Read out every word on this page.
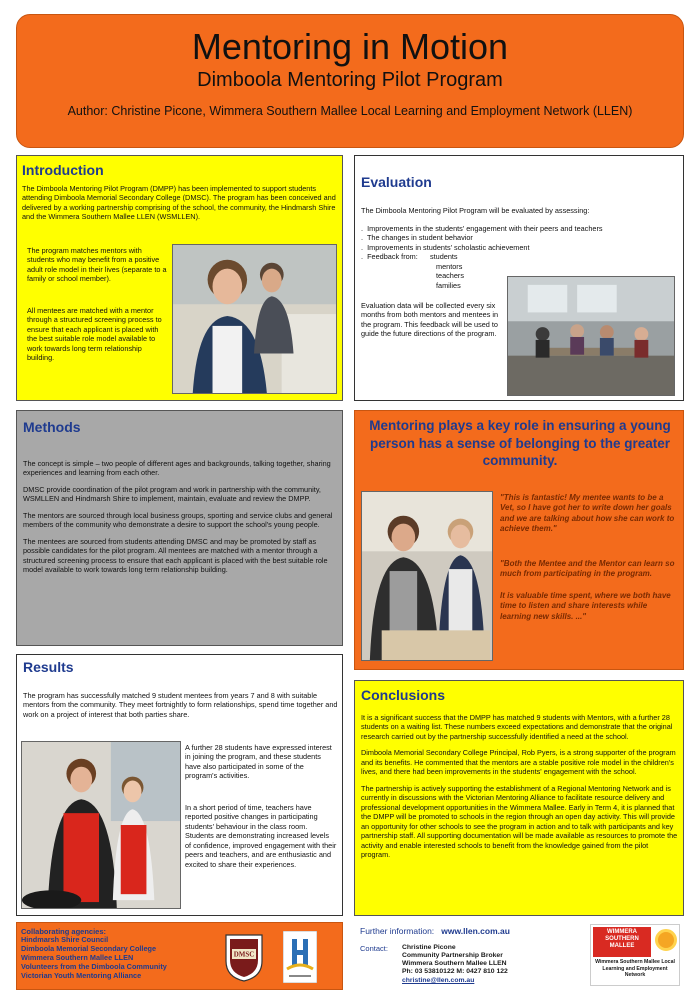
Mentoring in Motion
Dimboola Mentoring Pilot Program
Author: Christine Picone, Wimmera Southern Mallee Local Learning and Employment Network (LLEN)
Introduction
The Dimboola Mentoring Pilot Program (DMPP) has been implemented to support students attending Dimboola Memorial Secondary College (DMSC). The program has been conceived and delivered by a working partnership comprising of the school, the community, the Hindmarsh Shire and the Wimmera Southern Mallee LLEN (WSMLLEN).
The program matches mentors with students who may benefit from a positive adult role model in their lives (separate to a family or school member).
All mentees are matched with a mentor through a structured screening process to ensure that each applicant is placed with the best suitable role model available to work towards long term relationship building.
Evaluation
The Dimboola Mentoring Pilot Program will be evaluated by assessing:
.  Improvements in the students' engagement with their peers and teachers
.  The changes in student behavior
.  Improvements in students' scholastic achievement
.  Feedback from: students
mentors
teachers
families
Evaluation data will be collected every six months from both mentors and mentees in the program. This feedback will be used to guide the future directions of the program.
Methods

The concept is simple – two people of different ages and backgrounds, talking together, sharing experiences and learning from each other.

DMSC provide coordination of the pilot program and work in partnership with the community, WSMLLEN and Hindmarsh Shire to implement, maintain, evaluate and review the DMPP.

The mentors are sourced through local business groups, sporting and service clubs and general members of the community who demonstrate a desire to support the school's young people.

The mentees are sourced from students attending DMSC and may be promoted by staff as possible candidates for the pilot program. All mentees are matched with a mentor through a structured screening process to ensure that each applicant is placed with the best suitable role model available to work towards long term relationship building.

Mentoring plays a key role in ensuring a young person has a sense of belonging to the greater community.
"This is fantastic! My mentee wants to be a Vet, so I have got her to write down her goals and we are talking about how she can work to achieve them."
"Both the Mentee and the Mentor can learn so much from participating in the program.
It is valuable time spent, where we both have time to listen and share interests while learning new skills. ..."
Results
The program has successfully matched 9 student mentees from years 7 and 8 with suitable mentors from the community. They meet fortnightly to form relationships, spend time together and work on a project of interest that both parties share.
A further 28 students have expressed interest in joining the program, and these students have also participated in some of the program's activities.
In a short period of time, teachers have reported positive changes in participating students' behaviour in the class room. Students are demonstrating increased levels of confidence, improved engagement with their peers and teachers, and are enthusiastic and excited to share their experiences.
Conclusions

It is a significant success that the DMPP has matched 9 students with Mentors, with a further 28 students on a waiting list. These numbers exceed expectations and demonstrate that the original research carried out by the partnership successfully identified a need at the school.

Dimboola Memorial Secondary College Principal, Rob Pyers, is a strong supporter of the program and its benefits. He commented that the mentors are a stable positive role model in the children's lives, and there had been improvements in the students' engagement with the school.

The partnership is actively supporting the establishment of a Regional Mentoring Network and is currently in discussions with the Victorian Mentoring Alliance to facilitate resource delivery and professional development opportunities in the Wimmera Mallee. Early in Term 4, it is planned that the DMPP will be promoted to schools in the region through an open day activity. This will provide an opportunity for other schools to see the program in action and to talk with participants and key partnership staff. All supporting documentation will be made available as resources to promote the activity and enable interested schools to benefit from the knowledge gained from the pilot program.

Collaborating agencies:
Hindmarsh Shire Council
Dimboola Memorial Secondary College
Wimmera Southern Mallee LLEN
Volunteers from the Dimboola Community
Victorian Youth Mentoring Alliance
DMSC
Further information: www.llen.com.au
Contact: Christine Picone
Community Partnership Broker
Wimmera Southern Mallee LLEN
Ph: 03 53810122 M: 0427 810 122
christine@llen.com.au
WIMMERA
SOUTHERN
MALLEE
Wimmera Southern Mallee Local Learning and Employment Network
